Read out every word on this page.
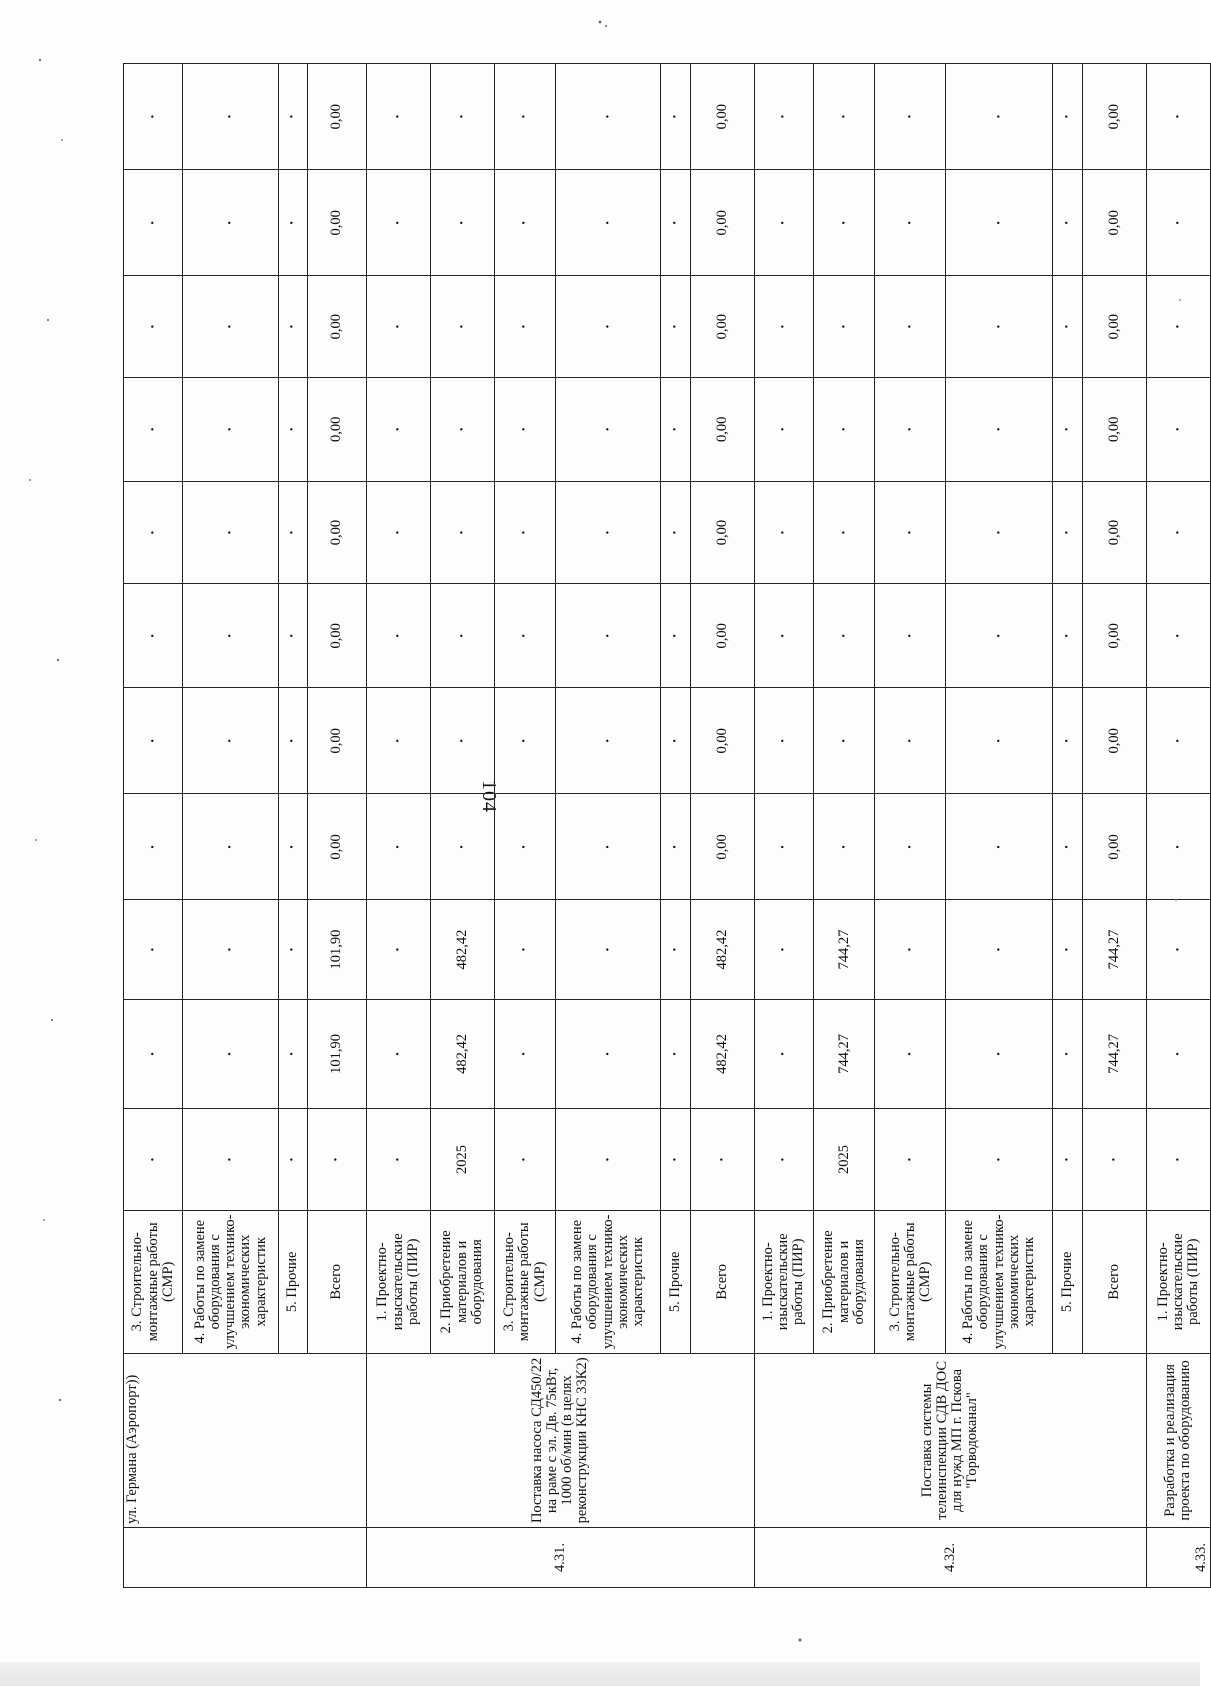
104
	ул. Германа (Аэропорт))	3. Строительно-монтажные работы (СМР)	·	·	·	·	·	·	·	·	·	·	·
		4. Работы по замене оборудования с улучшением технико-экономических характеристик	·	·	·	·	·	·	·	·	·	·	·
		5. Прочие	·	·	·	·	·	·	·	·	·	·	·
		Всего	·	101,90	101,90	0,00	0,00	0,00	0,00	0,00	0,00	0,00	0,00
4.31.	Поставка насоса СД450/22 на раме с эл. Дв. 75кВт, 1000 об/мин (в целях реконструкции КНС 33К2)	1. Проектно-изыскательские работы (ПИР)	·	·	·	·	·	·	·	·	·	·	·
		2. Приобретение материалов и оборудования	2025	482,42	482,42	·	·	·	·	·	·	·	·
		3. Строительно-монтажные работы (СМР)	·	·	·	·	·	·	·	·	·	·	·
		4. Работы по замене оборудования с улучшением технико-экономических характеристик	·	·	·	·	·	·	·	·	·	·	·
		5. Прочие	·	·	·	·	·	·	·	·	·	·	·
		Всего	·	482,42	482,42	0,00	0,00	0,00	0,00	0,00	0,00	0,00	0,00
4.32.	Поставка системы телеинспекции СДВ ДОС для нужд МП г. Пскова "Горводоканал"	1. Проектно-изыскательские работы (ПИР)	·	·	·	·	·	·	·	·	·	·	·
		2. Приобретение материалов и оборудования	2025	744,27	744,27	·	·	·	·	·	·	·	·
		3. Строительно-монтажные работы (СМР)	·	·	·	·	·	·	·	·	·	·	·
		4. Работы по замене оборудования с улучшением технико-экономических характеристик	·	·	·	·	·	·	·	·	·	·	·
		5. Прочие	·	·	·	·	·	·	·	·	·	·	·
		Всего	·	744,27	744,27	0,00	0,00	0,00	0,00	0,00	0,00	0,00	0,00
4.33.	Разработка и реализация проекта по оборудованию	1. Проектно-изыскательские работы (ПИР)	·	·	·	·	·	·	·	·	·	·	·
